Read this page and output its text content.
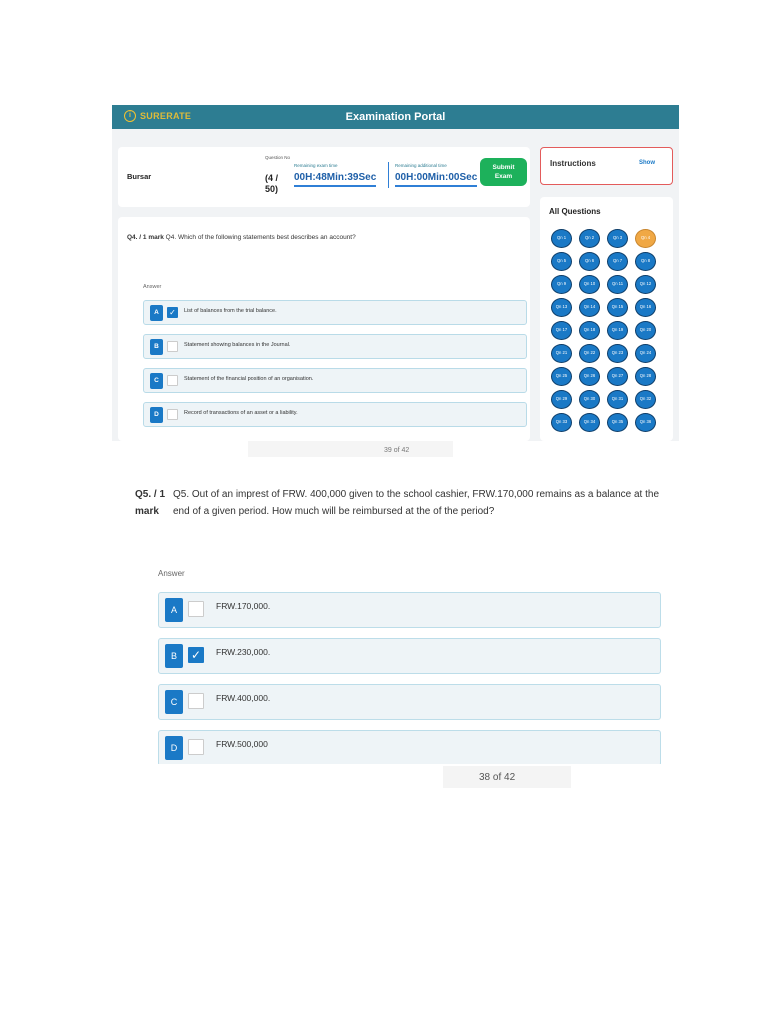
i	SURERATE	Examination Portal
Bursar
Question No
(4 / 50)
Remaining exam time
00H:48Min:39Sec
Remaining additional time
00H:00Min:00Sec
Submit Exam
Q4. / 1 mark Q4. Which of the following statements best describes an account?
Answer
A	✓	List of balances from the trial balance.
B	Statement showing balances in the Journal.
C	Statement of the financial position of an organisation.
D	Record of transactions of an asset or a liability.
Instructions	Show
All Questions
Qn 1	Qn 2	Qn 3	Qn 4
Qn 5	Qn 6	Qn 7	Qn 8
Qn 9	Qn 10	Qn 11	Qn 12
Qn 13	Qn 14	Qn 15	Qn 16
Qn 17	Qn 18	Qn 19	Qn 20
Qn 21	Qn 22	Qn 23	Qn 24
Qn 25	Qn 26	Qn 27	Qn 28
Qn 29	Qn 30	Qn 31	Qn 32
Qn 33	Qn 34	Qn 35	Qn 36
39 of 42
Q5. / 1 mark
Q5. Out of an imprest of FRW. 400,000 given to the school cashier, FRW.170,000 remains as a balance at the end of a given period. How much will be reimbursed at the of the period?
Answer
A	FRW.170,000.
B	✓	FRW.230,000.
C	FRW.400,000.
D	FRW.500,000
38 of 42
